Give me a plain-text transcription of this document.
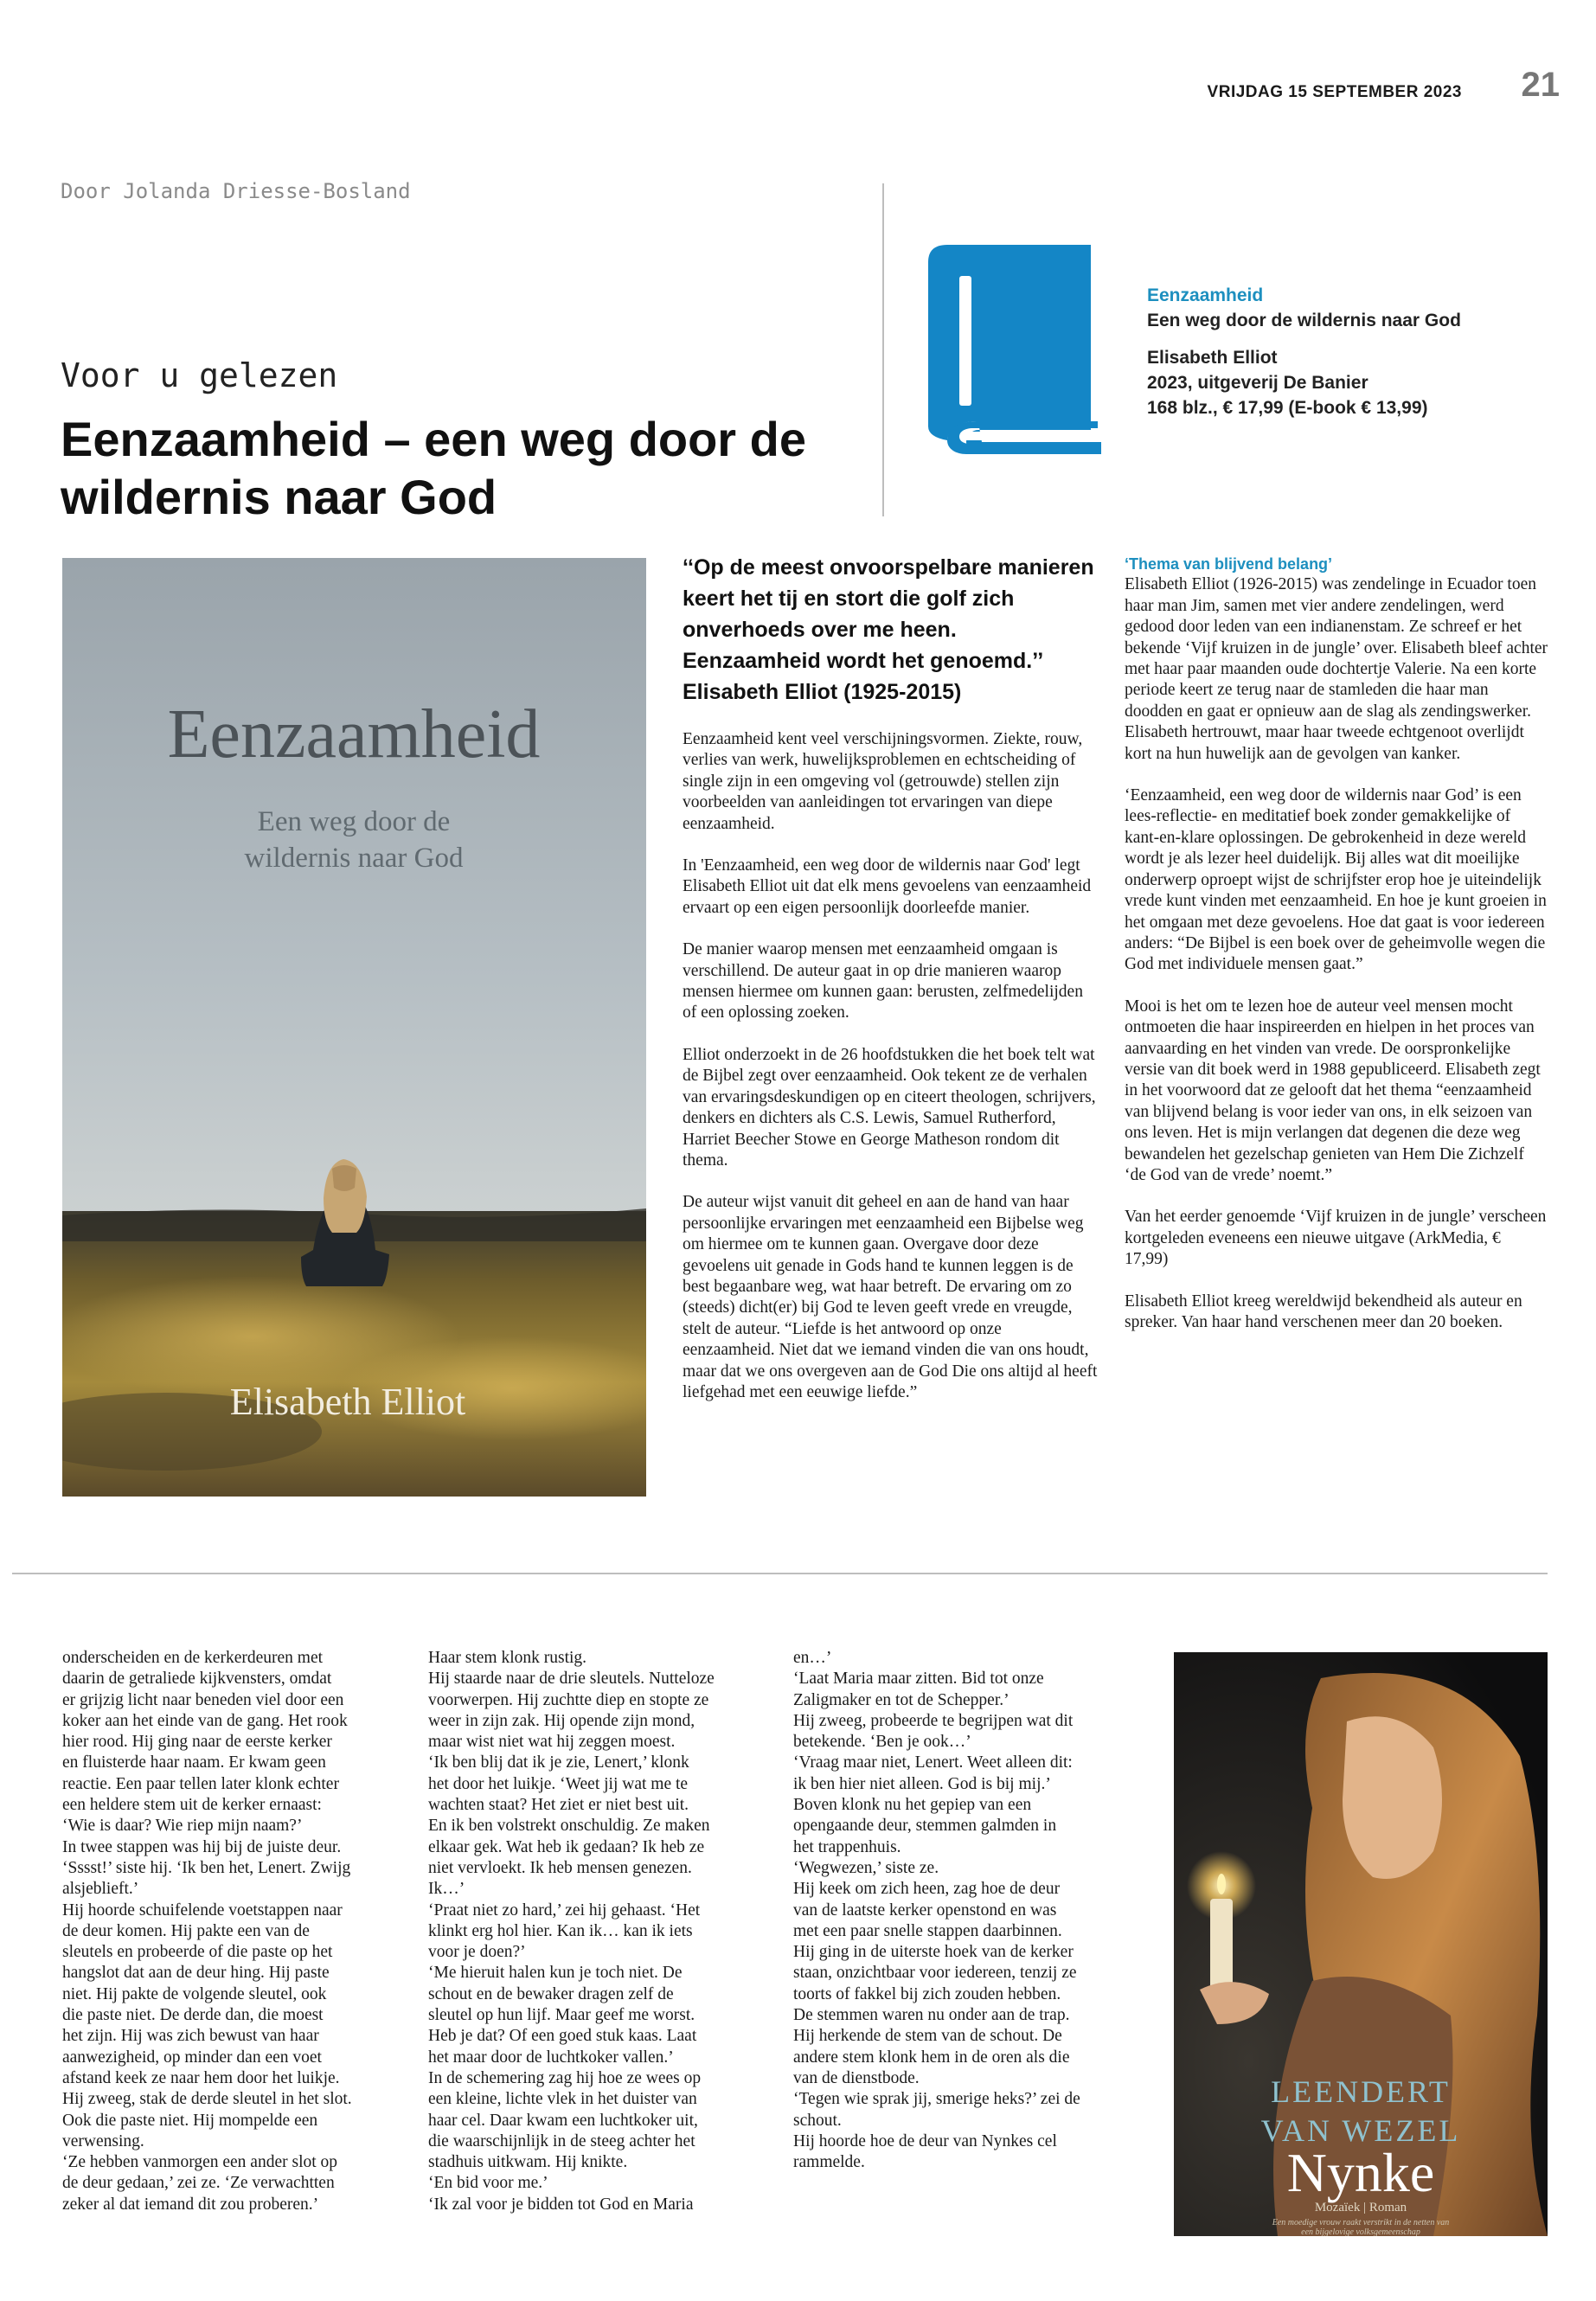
VRIJDAG 15 SEPTEMBER 2023 21
Door Jolanda Driesse-Bosland
Voor u gelezen
Eenzaamheid – een weg door de wildernis naar God
Eenzaamheid
Een weg door de wildernis naar God
Elisabeth Elliot
2023, uitgeverij De Banier
168 blz., € 17,99 (E-book € 13,99)
Eenzaamheid
Een weg door de
wildernis naar God
Elisabeth Elliot
‘‘Op de meest onvoorspelbare manieren keert het tij en stort die golf zich onverhoeds over me heen. Eenzaamheid wordt het genoemd.’’
Elisabeth Elliot (1925-2015)

Eenzaamheid kent veel verschijningsvormen. Ziekte, rouw, verlies van werk, huwelijksproblemen en echtscheiding of single zijn in een omgeving vol (getrouwde) stellen zijn voorbeelden van aanleidingen tot ervaringen van diepe eenzaamheid.

In 'Eenzaamheid, een weg door de wildernis naar God' legt Elisabeth Elliot uit dat elk mens gevoelens van eenzaamheid ervaart op een eigen persoonlijk doorleefde manier.

De manier waarop mensen met eenzaamheid omgaan is verschillend. De auteur gaat in op drie manieren waarop mensen hiermee om kunnen gaan: berusten, zelfmedelijden of een oplossing zoeken.

Elliot onderzoekt in de 26 hoofdstukken die het boek telt wat de Bijbel zegt over eenzaamheid. Ook tekent ze de verhalen van ervaringsdeskundigen op en citeert theologen, schrijvers, denkers en dichters als C.S. Lewis, Samuel Rutherford, Harriet Beecher Stowe en George Matheson rondom dit thema.

De auteur wijst vanuit dit geheel en aan de hand van haar persoonlijke ervaringen met eenzaamheid een Bijbelse weg om hiermee om te kunnen gaan. Overgave door deze gevoelens uit genade in Gods hand te kunnen leggen is de best begaanbare weg, wat haar betreft. De ervaring om zo (steeds) dicht(er) bij God te leven geeft vrede en vreugde, stelt de auteur. “Liefde is het antwoord op onze eenzaamheid. Niet dat we iemand vinden die van ons houdt, maar dat we ons overgeven aan de God Die ons altijd al heeft liefgehad met een eeuwige liefde.”

‘Thema van blijvend belang’

Elisabeth Elliot (1926-2015) was zendelinge in Ecuador toen haar man Jim, samen met vier andere zendelingen, werd gedood door leden van een indianenstam. Ze schreef er het bekende ‘Vijf kruizen in de jungle’ over. Elisabeth bleef achter met haar paar maanden oude dochtertje Valerie. Na een korte periode keert ze terug naar de stamleden die haar man doodden en gaat er opnieuw aan de slag als zendingswerker. Elisabeth hertrouwt, maar haar tweede echtgenoot overlijdt kort na hun huwelijk aan de gevolgen van kanker.

‘Eenzaamheid, een weg door de wildernis naar God’ is een lees-reflectie- en meditatief boek zonder gemakkelijke of kant-en-klare oplossingen. De gebrokenheid in deze wereld wordt je als lezer heel duidelijk. Bij alles wat dit moeilijke onderwerp oproept wijst de schrijfster erop hoe je uiteindelijk vrede kunt vinden met eenzaamheid. En hoe je kunt groeien in het omgaan met deze gevoelens. Hoe dat gaat is voor iedereen anders: “De Bijbel is een boek over de geheimvolle wegen die God met individuele mensen gaat.”

Mooi is het om te lezen hoe de auteur veel mensen mocht ontmoeten die haar inspireerden en hielpen in het proces van aanvaarding en het vinden van vrede. De oorspronkelijke versie van dit boek werd in 1988 gepubliceerd. Elisabeth zegt in het voorwoord dat ze gelooft dat het thema “eenzaamheid van blijvend belang is voor ieder van ons, in elk seizoen van ons leven. Het is mijn verlangen dat degenen die deze weg bewandelen het gezelschap genieten van Hem Die Zichzelf ‘de God van de vrede’ noemt.”

Van het eerder genoemde ‘Vijf kruizen in de jungle’ verscheen kortgeleden eveneens een nieuwe uitgave (ArkMedia, € 17,99)

Elisabeth Elliot kreeg wereldwijd bekendheid als auteur en spreker. Van haar hand verschenen meer dan 20 boeken.

onderscheiden en de kerkerdeuren met
daarin de getraliede kijkvensters, omdat
er grijzig licht naar beneden viel door een
koker aan het einde van de gang. Het rook
hier rood. Hij ging naar de eerste kerker
en fluisterde haar naam. Er kwam geen
reactie. Een paar tellen later klonk echter
een heldere stem uit de kerker ernaast:
‘Wie is daar? Wie riep mijn naam?’
In twee stappen was hij bij de juiste deur.
‘Sssst!’ siste hij. ‘Ik ben het, Lenert. Zwijg
alsjeblieft.’
Hij hoorde schuifelende voetstappen naar
de deur komen. Hij pakte een van de
sleutels en probeerde of die paste op het
hangslot dat aan de deur hing. Hij paste
niet. Hij pakte de volgende sleutel, ook
die paste niet. De derde dan, die moest
het zijn. Hij was zich bewust van haar
aanwezigheid, op minder dan een voet
afstand keek ze naar hem door het luikje.
Hij zweeg, stak de derde sleutel in het slot.
Ook die paste niet. Hij mompelde een
verwensing.
‘Ze hebben vanmorgen een ander slot op
de deur gedaan,’ zei ze. ‘Ze verwachtten
zeker al dat iemand dit zou proberen.’
Haar stem klonk rustig.
Hij staarde naar de drie sleutels. Nutteloze
voorwerpen. Hij zuchtte diep en stopte ze
weer in zijn zak. Hij opende zijn mond,
maar wist niet wat hij zeggen moest.
‘Ik ben blij dat ik je zie, Lenert,’ klonk
het door het luikje. ‘Weet jij wat me te
wachten staat? Het ziet er niet best uit.
En ik ben volstrekt onschuldig. Ze maken
elkaar gek. Wat heb ik gedaan? Ik heb ze
niet vervloekt. Ik heb mensen genezen.
Ik…’
‘Praat niet zo hard,’ zei hij gehaast. ‘Het
klinkt erg hol hier. Kan ik… kan ik iets
voor je doen?’
‘Me hieruit halen kun je toch niet. De
schout en de bewaker dragen zelf de
sleutel op hun lijf. Maar geef me worst.
Heb je dat? Of een goed stuk kaas. Laat
het maar door de luchtkoker vallen.’
In de schemering zag hij hoe ze wees op
een kleine, lichte vlek in het duister van
haar cel. Daar kwam een luchtkoker uit,
die waarschijnlijk in de steeg achter het
stadhuis uitkwam. Hij knikte.
‘En bid voor me.’
‘Ik zal voor je bidden tot God en Maria
en…’
‘Laat Maria maar zitten. Bid tot onze
Zaligmaker en tot de Schepper.’
Hij zweeg, probeerde te begrijpen wat dit
betekende. ‘Ben je ook…’
‘Vraag maar niet, Lenert. Weet alleen dit:
ik ben hier niet alleen. God is bij mij.’
Boven klonk nu het gepiep van een
opengaande deur, stemmen galmden in
het trappenhuis.
‘Wegwezen,’ siste ze.
Hij keek om zich heen, zag hoe de deur
van de laatste kerker openstond en was
met een paar snelle stappen daarbinnen.
Hij ging in de uiterste hoek van de kerker
staan, onzichtbaar voor iedereen, tenzij ze
toorts of fakkel bij zich zouden hebben.
De stemmen waren nu onder aan de trap.
Hij herkende de stem van de schout. De
andere stem klonk hem in de oren als die
van de dienstbode.
‘Tegen wie sprak jij, smerige heks?’ zei de
schout.
Hij hoorde hoe de deur van Nynkes cel
rammelde.
LEENDERT
VAN WEZEL
Nynke
Mozaïek | Roman
Een moedige vrouw raakt verstrikt in de netten van
een bijgelovige volksgemeenschap
